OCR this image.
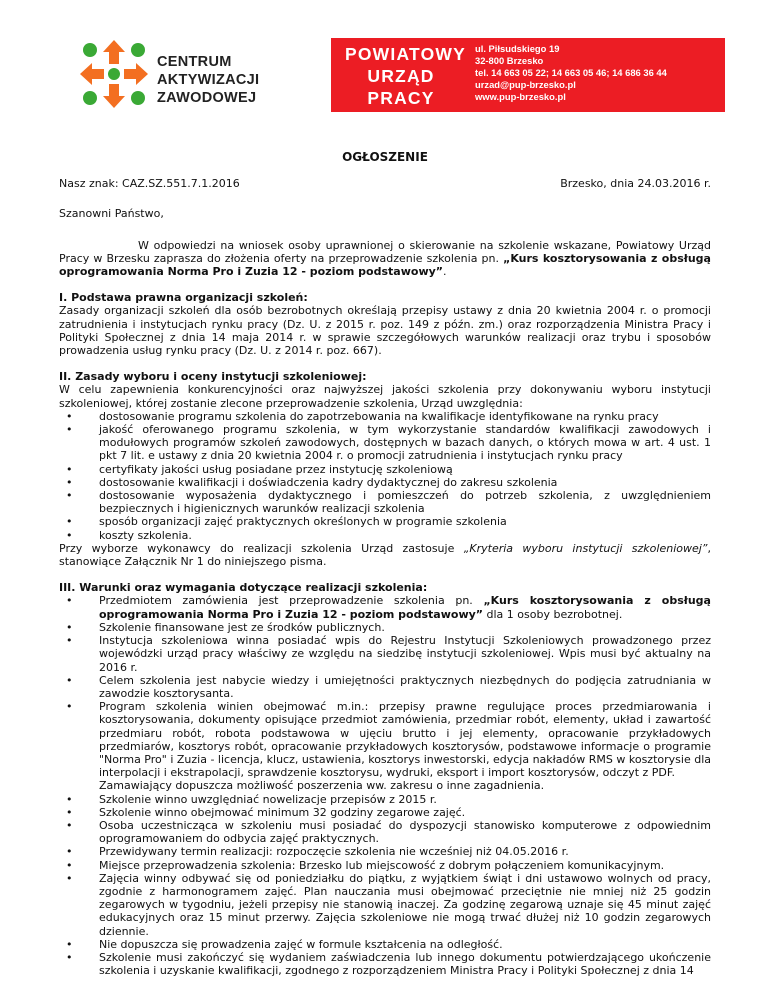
CENTRUM
AKTYWIZACJI
ZAWODOWEJ
POWIATOWY
URZĄD PRACY
W BRZESKU
ul. Piłsudskiego 19
32-800 Brzesko
tel. 14 663 05 22; 14 663 05 46; 14 686 36 44
urzad@pup-brzesko.pl
www.pup-brzesko.pl
OGŁOSZENIE
Nasz znak: CAZ.SZ.551.7.1.2016	Brzesko, dnia 24.03.2016 r.

Szanowni Państwo,

W odpowiedzi na wniosek osoby uprawnionej o skierowanie na szkolenie wskazane, Powiatowy Urząd Pracy w Brzesku zaprasza do złożenia oferty na przeprowadzenie szkolenia pn. „Kurs kosztorysowania z obsługą oprogramowania Norma Pro i Zuzia 12 - poziom podstawowy”.

I. Podstawa prawna organizacji szkoleń:

Zasady organizacji szkoleń dla osób bezrobotnych określają przepisy ustawy z dnia 20 kwietnia 2004 r. o promocji zatrudnienia i instytucjach rynku pracy (Dz. U. z 2015 r. poz. 149 z późn. zm.) oraz rozporządzenia Ministra Pracy i Polityki Społecznej z dnia 14 maja 2014 r. w sprawie szczegółowych warunków realizacji oraz trybu i sposobów prowadzenia usług rynku pracy (Dz. U. z 2014 r. poz. 667).

II. Zasady wyboru i oceny instytucji szkoleniowej:

W celu zapewnienia konkurencyjności oraz najwyższej jakości szkolenia przy dokonywaniu wyboru instytucji szkoleniowej, której zostanie zlecone przeprowadzenie szkolenia, Urząd uwzględnia:

• dostosowanie programu szkolenia do zapotrzebowania na kwalifikacje identyfikowane na rynku pracy
• jakość oferowanego programu szkolenia, w tym wykorzystanie standardów kwalifikacji zawodowych i modułowych programów szkoleń zawodowych, dostępnych w bazach danych, o których mowa w art. 4 ust. 1 pkt 7 lit. e ustawy z dnia 20 kwietnia 2004 r. o promocji zatrudnienia i instytucjach rynku pracy
• certyfikaty jakości usług posiadane przez instytucję szkoleniową
• dostosowanie kwalifikacji i doświadczenia kadry dydaktycznej do zakresu szkolenia
• dostosowanie wyposażenia dydaktycznego i pomieszczeń do potrzeb szkolenia, z uwzględnieniem bezpiecznych i higienicznych warunków realizacji szkolenia
• sposób organizacji zajęć praktycznych określonych w programie szkolenia
• koszty szkolenia.

Przy wyborze wykonawcy do realizacji szkolenia Urząd zastosuje „Kryteria wyboru instytucji szkoleniowej”, stanowiące Załącznik Nr 1 do niniejszego pisma.

III. Warunki oraz wymagania dotyczące realizacji szkolenia:

• Przedmiotem zamówienia jest przeprowadzenie szkolenia pn. „Kurs kosztorysowania z obsługą oprogramowania Norma Pro i Zuzia 12 - poziom podstawowy” dla 1 osoby bezrobotnej.
• Szkolenie finansowane jest ze środków publicznych.
• Instytucja szkoleniowa winna posiadać wpis do Rejestru Instytucji Szkoleniowych prowadzonego przez wojewódzki urząd pracy właściwy ze względu na siedzibę instytucji szkoleniowej. Wpis musi być aktualny na 2016 r.
• Celem szkolenia jest nabycie wiedzy i umiejętności praktycznych niezbędnych do podjęcia zatrudniania w zawodzie kosztorysanta.
• Program szkolenia winien obejmować m.in.: przepisy prawne regulujące proces przedmiarowania i kosztorysowania, dokumenty opisujące przedmiot zamówienia, przedmiar robót, elementy, układ i zawartość przedmiaru robót, robota podstawowa w ujęciu brutto i jej elementy, opracowanie przykładowych przedmiarów, kosztorys robót, opracowanie przykładowych kosztorysów, podstawowe informacje o programie "Norma Pro" i Zuzia - licencja, klucz, ustawienia, kosztorys inwestorski, edycja nakładów RMS w kosztorysie dla interpolacji i ekstrapolacji, sprawdzenie kosztorysu, wydruki, eksport i import kosztorysów, odczyt z PDF.
Zamawiający dopuszcza możliwość poszerzenia ww. zakresu o inne zagadnienia.
• Szkolenie winno uwzględniać nowelizacje przepisów z 2015 r.
• Szkolenie winno obejmować minimum 32 godziny zegarowe zajęć.
• Osoba uczestnicząca w szkoleniu musi posiadać do dyspozycji stanowisko komputerowe z odpowiednim oprogramowaniem do odbycia zajęć praktycznych.
• Przewidywany termin realizacji: rozpoczęcie szkolenia nie wcześniej niż 04.05.2016 r.
• Miejsce przeprowadzenia szkolenia: Brzesko lub miejscowość z dobrym połączeniem komunikacyjnym.
• Zajęcia winny odbywać się od poniedziałku do piątku, z wyjątkiem świąt i dni ustawowo wolnych od pracy, zgodnie z harmonogramem zajęć. Plan nauczania musi obejmować przeciętnie nie mniej niż 25 godzin zegarowych w tygodniu, jeżeli przepisy nie stanowią inaczej. Za godzinę zegarową uznaje się 45 minut zajęć edukacyjnych oraz 15 minut przerwy. Zajęcia szkoleniowe nie mogą trwać dłużej niż 10 godzin zegarowych dziennie.
• Nie dopuszcza się prowadzenia zajęć w formule kształcenia na odległość.
• Szkolenie musi zakończyć się wydaniem zaświadczenia lub innego dokumentu potwierdzającego ukończenie szkolenia i uzyskanie kwalifikacji, zgodnego z rozporządzeniem Ministra Pracy i Polityki Społecznej z dnia 14
